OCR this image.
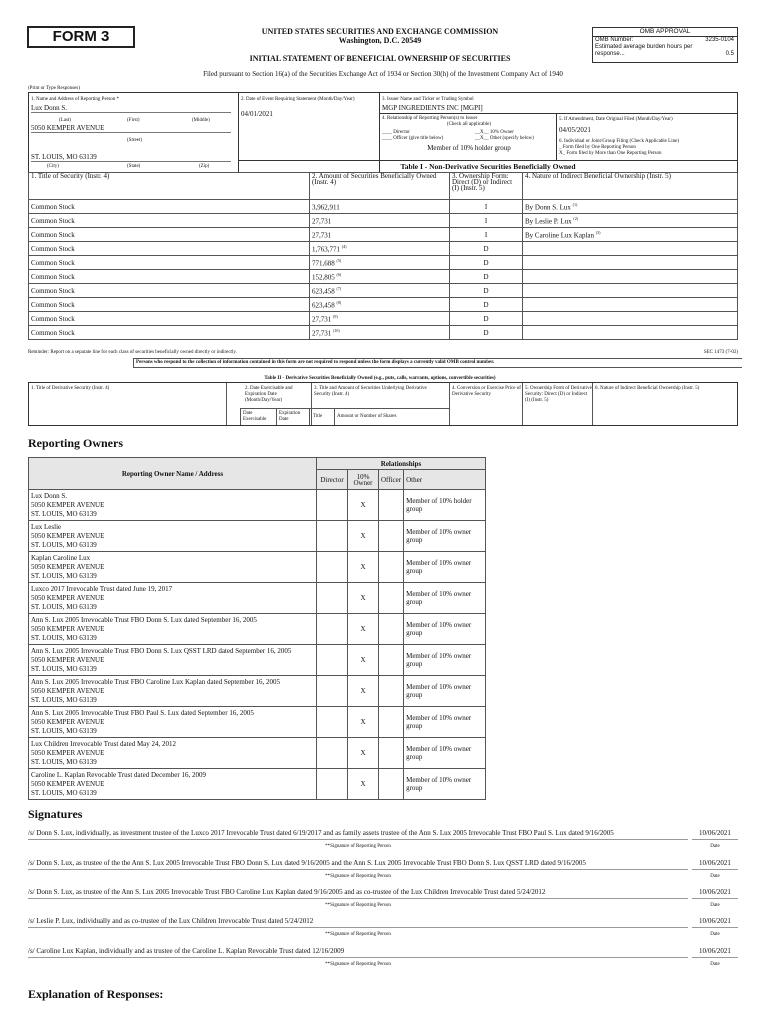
FORM 3	UNITED STATES SECURITIES AND EXCHANGE COMMISSION
Washington, D.C. 20549
INITIAL STATEMENT OF BENEFICIAL OWNERSHIP OF SECURITIES
OMB APPROVAL
OMB Number:	3235-0104
Estimated average burden hours per response...	0.5
Filed pursuant to Section 16(a) of the Securities Exchange Act of 1934 or Section 30(h) of the Investment Company Act of 1940
(Print or Type Responses)
1. Name and Address of Reporting Person *
Lux Donn S.
(Last)	(First)	(Middle)
5050 KEMPER AVENUE
(Street)
ST. LOUIS, MO 63139
(City)	(State)	(Zip)
2. Date of Event Requiring Statement (Month/Day/Year)
04/01/2021
3. Issuer Name and Ticker or Trading Symbol
MGP INGREDIENTS INC [MGPI]
4. Relationship of Reporting Person(s) to Issuer
(Check all applicable)
____ Director	__X__ 10% Owner
____ Officer (give title below)	__X__ Other (specify below)
Member of 10% holder group
5. If Amendment, Date Original Filed (Month/Day/Year)
04/05/2021
6. Individual or Joint/Group Filing (Check Applicable Line)
_ Form filed by One Reporting Person
X_ Form filed by More than One Reporting Person
Table I - Non-Derivative Securities Beneficially Owned
1. Title of Security (Instr. 4)	2. Amount of Securities Beneficially Owned (Instr. 4)	3. Ownership Form: Direct (D) or Indirect (I) (Instr. 5)	4. Nature of Indirect Beneficial Ownership (Instr. 5)
Common Stock	3,962,911	I	By Donn S. Lux $^{(1)}$
Common Stock	27,731	I	By Leslie P. Lux $^{(2)}$
Common Stock	27,731	I	By Caroline Lux Kaplan $^{(3)}$
Common Stock	1,763,771 $^{(4)}$	D	
Common Stock	771,688 $^{(5)}$	D	
Common Stock	152,805 $^{(6)}$	D	
Common Stock	623,458 $^{(7)}$	D	
Common Stock	623,458 $^{(8)}$	D	
Common Stock	27,731 $^{(9)}$	D	
Common Stock	27,731 $^{(10)}$	D	
Reminder: Report on a separate line for each class of securities beneficially owned directly or indirectly.	SEC 1473 (7-02)
Persons who respond to the collection of information contained in this form are not required to respond unless the form displays a currently valid OMB control number.
Table II - Derivative Securities Beneficially Owned (e.g., puts, calls, warrants, options, convertible securities)
1. Title of Derivative Security (Instr. 4)	2. Date Exercisable and Expiration Date (Month/Day/Year)
3. Title and Amount of Securities Underlying Derivative Security (Instr. 4)
4. Conversion or Exercise Price of Derivative Security
5. Ownership Form of Derivative Security: Direct (D) or Indirect (I) (Instr. 5)
6. Nature of Indirect Beneficial Ownership (Instr. 5)
Date Exercisable
Expiration Date
Title	Amount or Number of Shares
Reporting Owners
Reporting Owner Name / Address	Relationships			
	Director	10% Owner	Officer	Other

Lux Donn S.
5050 KEMPER AVENUE
ST. LOUIS, MO 63139		X		Member of 10% holder group

Lux Leslie
5050 KEMPER AVENUE
ST. LOUIS, MO 63139		X		Member of 10% owner group

Kaplan Caroline Lux
5050 KEMPER AVENUE
ST. LOUIS, MO 63139		X		Member of 10% owner group

Luxco 2017 Irrevocable Trust dated June 19, 2017
5050 KEMPER AVENUE
ST. LOUIS, MO 63139		X		Member of 10% owner group

Ann S. Lux 2005 Irrevocable Trust FBO Donn S. Lux dated September 16, 2005
5050 KEMPER AVENUE
ST. LOUIS, MO 63139		X		Member of 10% owner group

Ann S. Lux 2005 Irrevocable Trust FBO Donn S. Lux QSST LRD dated September 16, 2005
5050 KEMPER AVENUE
ST. LOUIS, MO 63139		X		Member of 10% owner group

Ann S. Lux 2005 Irrevocable Trust FBO Caroline Lux Kaplan dated September 16, 2005
5050 KEMPER AVENUE
ST. LOUIS, MO 63139		X		Member of 10% owner group

Ann S. Lux 2005 Irrevocable Trust FBO Paul S. Lux dated September 16, 2005
5050 KEMPER AVENUE
ST. LOUIS, MO 63139		X		Member of 10% owner group

Lux Children Irrevocable Trust dated May 24, 2012
5050 KEMPER AVENUE
ST. LOUIS, MO 63139		X		Member of 10% owner group

Caroline L. Kaplan Revocable Trust dated December 16, 2009
5050 KEMPER AVENUE
ST. LOUIS, MO 63139		X		Member of 10% owner group
Signatures
/s/ Donn S. Lux, individually, as investment trustee of the Luxco 2017 Irrevocable Trust dated 6/19/2017 and as family assets trustee of the Ann S. Lux 2005 Irrevocable Trust FBO Paul S. Lux dated 9/16/2005	10/06/2021
**Signature of Reporting Person	Date
/s/ Donn S. Lux, as trustee of the the Ann S. Lux 2005 Irrevocable Trust FBO Donn S. Lux dated 9/16/2005 and the Ann S. Lux 2005 Irrevocable Trust FBO Donn S. Lux QSST LRD dated 9/16/2005	10/06/2021
**Signature of Reporting Person	Date
/s/ Donn S. Lux, as trustee of the Ann S. Lux 2005 Irrevocable Trust FBO Caroline Lux Kaplan dated 9/16/2005 and as co-trustee of the Lux Children Irrevocable Trust dated 5/24/2012	10/06/2021
**Signature of Reporting Person	Date
/s/ Leslie P. Lux, individually and as co-trustee of the Lux Children Irrevocable Trust dated 5/24/2012	10/06/2021
**Signature of Reporting Person	Date
/s/ Caroline Lux Kaplan, individually and as trustee of the Caroline L. Kaplan Revocable Trust dated 12/16/2009	10/06/2021
**Signature of Reporting Person	Date
Explanation of Responses:
